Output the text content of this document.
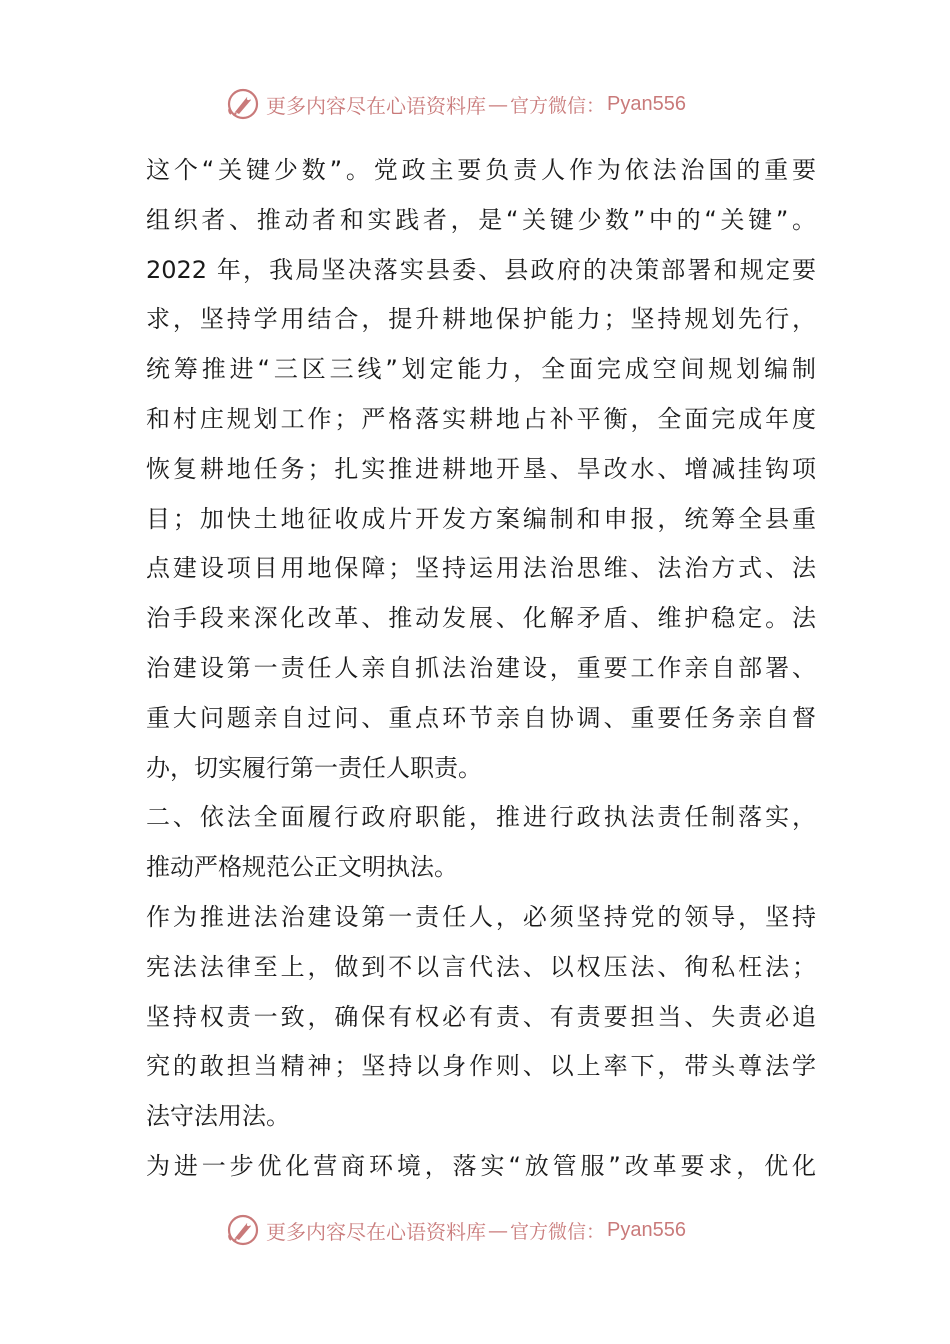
更多内容尽在心语资料库 — 官方微信： Pyan556
这个“关键少数”。党政主要负责人作为依法治国的重要
组织者、推动者和实践者，是“关键少数”中的“关键”。
2022 年，我局坚决落实县委、县政府的决策部署和规定要
求，坚持学用结合，提升耕地保护能力；坚持规划先行，
统筹推进“三区三线”划定能力，全面完成空间规划编制
和村庄规划工作；严格落实耕地占补平衡，全面完成年度
恢复耕地任务；扎实推进耕地开垦、旱改水、增减挂钩项
目；加快土地征收成片开发方案编制和申报，统筹全县重
点建设项目用地保障；坚持运用法治思维、法治方式、法
治手段来深化改革、推动发展、化解矛盾、维护稳定。法
治建设第一责任人亲自抓法治建设，重要工作亲自部署、
重大问题亲自过问、重点环节亲自协调、重要任务亲自督
办，切实履行第一责任人职责。
二、依法全面履行政府职能，推进行政执法责任制落实，
推动严格规范公正文明执法。
作为推进法治建设第一责任人，必须坚持党的领导，坚持
宪法法律至上，做到不以言代法、以权压法、徇私枉法；
坚持权责一致，确保有权必有责、有责要担当、失责必追
究的敢担当精神；坚持以身作则、以上率下，带头尊法学
法守法用法。
为进一步优化营商环境，落实“放管服”改革要求，优化
更多内容尽在心语资料库 — 官方微信： Pyan556
